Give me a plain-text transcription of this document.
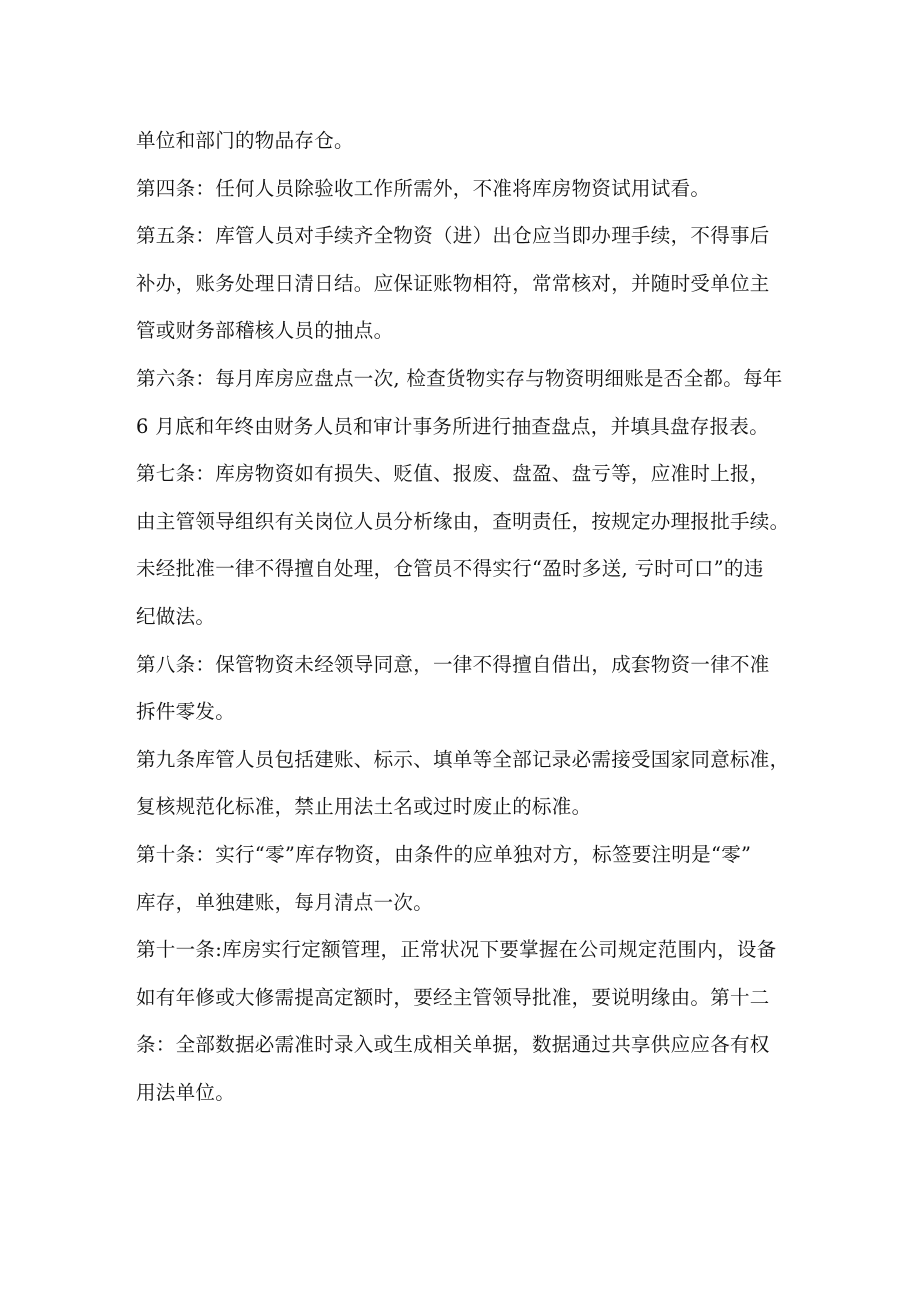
单位和部门的物品存仓。
第四条：任何人员除验收工作所需外，不准将库房物资试用试看。
第五条：库管人员对手续齐全物资（进）出仓应当即办理手续，不得事后
补办，账务处理日清日结。应保证账物相符，常常核对，并随时受单位主
管或财务部稽核人员的抽点。
第六条：每月库房应盘点一次, 检查货物实存与物资明细账是否全都。每年
6 月底和年终由财务人员和审计事务所进行抽查盘点，并填具盘存报表。
第七条：库房物资如有损失、贬值、报废、盘盈、盘亏等，应准时上报，
由主管领导组织有关岗位人员分析缘由，查明责任，按规定办理报批手续。
未经批准一律不得擅自处理，仓管员不得实行“盈时多送, 亏时可口”的违
纪做法。
第八条：保管物资未经领导同意，一律不得擅自借出，成套物资一律不准
拆件零发。
第九条库管人员包括建账、标示、填单等全部记录必需接受国家同意标准，
复核规范化标准，禁止用法土名或过时废止的标准。
第十条：实行“零”库存物资，由条件的应单独对方，标签要注明是“零”
库存，单独建账，每月清点一次。
第十一条:库房实行定额管理，正常状况下要掌握在公司规定范围内，设备
如有年修或大修需提高定额时，要经主管领导批准，要说明缘由。第十二
条：全部数据必需准时录入或生成相关单据，数据通过共享供应应各有权
用法单位。
